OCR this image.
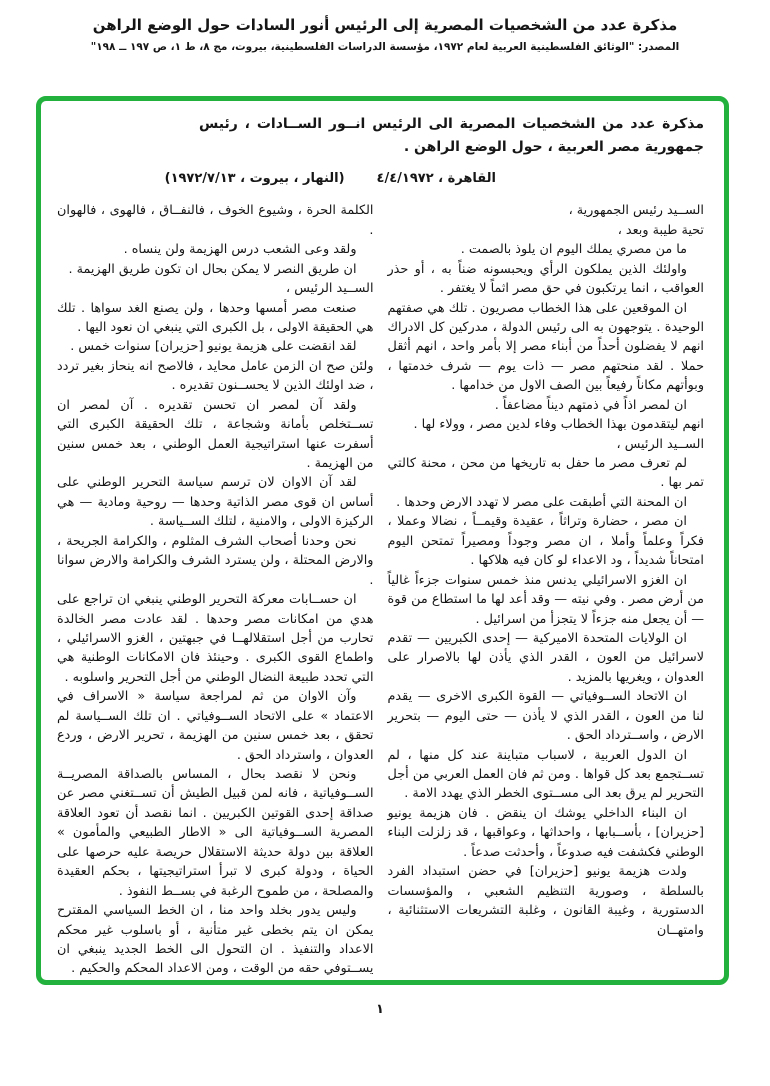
مذكرة عدد من الشخصيات المصرية إلى الرئيس أنور السادات حول الوضع الراهن
المصدر: "الوثائق الفلسطينية العربية لعام ١٩٧٢، مؤسسة الدراسات الفلسطينية، بيروت، مج ٨، ط ١، ص ١٩٧ ــ ١٩٨"
مذكرة عدد من الشخصيات المصرية الى الرئيس انــور الســادات ، رئيس جمهورية مصر العربية ، حول الوضع الراهن .
القاهرة ، ٤/٤/١٩٧٢
(النهار ، بيروت ، ١٩٧٢/٧/١٣)

الســيد رئيس الجمهورية ،

تحية طيبة وبعد ،

ما من مصري يملك اليوم ان يلوذ بالصمت .

واولئك الذين يملكون الرأي ويحبسونه ضناً به ، أو حذر العواقب ، انما يرتكبون في حق مصر اثماً لا يغتفر .

ان الموقعين على هذا الخطاب مصريون . تلك هي صفتهم الوحيدة . يتوجهون به الى رئيس الدولة ، مدركين كل الادراك انهم لا يفضلون أحداً من أبناء مصر إلا بأمر واحد ، انهم أثقل حملا . لقد منحتهم مصر — ذات يوم — شرف خدمتها ، وبوأتهم مكاناً رفيعاً بين الصف الاول من خدامها .

ان لمصر اذاً في ذمتهم ديناً مضاعفاً .

انهم ليتقدمون بهذا الخطاب وفاء لدين مصر ، وولاء لها .

الســيد الرئيس ،

لم تعرف مصر ما حفل به تاريخها من محن ، محنة كالتي تمر بها .

ان المحنة التي أطبقت على مصر لا تهدد الارض وحدها .

ان مصر ، حضارة وتراثاً ، عقيدة وقيمــاً ، نضالا وعملا ، فكراً وعلماً وأملا ، ان مصر وجوداً ومصيراً تمتحن اليوم امتحاناً شديداً ، ود الاعداء لو كان فيه هلاكها .

ان الغزو الاسرائيلي يدنس منذ خمس سنوات جزءاً غالياً من أرض مصر . وفي نيته — وقد أعد لها ما استطاع من قوة — أن يجعل منه جزءاً لا يتجزأ من اسرائيل .

ان الولايات المتحدة الاميركية — إحدى الكبريين — تقدم لاسرائيل من العون ، القدر الذي يأذن لها بالاصرار على العدوان ، ويغريها بالمزيد .

ان الاتحاد الســوفياتي — القوة الكبرى الاخرى — يقدم لنا من العون ، القدر الذي لا يأذن — حتى اليوم — بتحرير الارض ، واســترداد الحق .

ان الدول العربية ، لاسباب متباينة عند كل منها ، لم تســتجمع بعد كل قواها . ومن ثم فان العمل العربي من أجل التحرير لم يرق بعد الى مســتوى الخطر الذي يهدد الامة .

ان البناء الداخلي يوشك ان ينقض . فان هزيمة يونيو [حزيران] ، بأســبابها ، واحداثها ، وعواقبها ، قد زلزلت البناء الوطني فكشفت فيه صدوعاً ، وأحدثت صدعاً .

ولدت هزيمة يونيو [حزيران] في حضن استبداد الفرد بالسلطة ، وصورية التنظيم الشعبي ، والمؤسسات الدستورية ، وغيبة القانون ، وغلبة التشريعات الاستثنائية ، وامتهــان

الكلمة الحرة ، وشيوع الخوف ، فالنفــاق ، فالهوى ، فالهوان .

ولقد وعى الشعب درس الهزيمة ولن ينساه .

ان طريق النصر لا يمكن بحال ان تكون طريق الهزيمة .

الســيد الرئيس ،

صنعت مصر أمسها وحدها ، ولن يصنع الغد سواها . تلك هي الحقيقة الاولى ، بل الكبرى التي ينبغي ان نعود اليها .

لقد انقضت على هزيمة يونيو [حزيران] سنوات خمس .

ولئن صح ان الزمن عامل محايد ، فالاصح انه ينحاز بغير تردد ، ضد اولئك الذين لا يحســنون تقديره .

ولقد آن لمصر ان تحسن تقديره . آن لمصر ان تســتخلص بأمانة وشجاعة ، تلك الحقيقة الكبرى التي أسفرت عنها استراتيجية العمل الوطني ، بعد خمس سنين من الهزيمة .

لقد آن الاوان لان ترسم سياسة التحرير الوطني على أساس ان قوى مصر الذاتية وحدها — روحية ومادية — هي الركيزة الاولى ، والامنية ، لتلك الســياسة .

نحن وحدنا أصحاب الشرف المثلوم ، والكرامة الجريحة ، والارض المحتلة ، ولن يسترد الشرف والكرامة والارض سوانا .

ان حســابات معركة التحرير الوطني ينبغي ان تراجع على هدي من امكانات مصر وحدها . لقد عادت مصر الخالدة تحارب من أجل استقلالهــا في جبهتين ، الغزو الاسرائيلي ، واطماع القوى الكبرى . وحينئذ فان الامكانات الوطنية هي التي تحدد طبيعة النضال الوطني من أجل التحرير واسلوبه .

وآن الاوان من ثم لمراجعة سياسة « الاسراف في الاعتماد » على الاتحاد الســوفياتي . ان تلك الســياسة لم تحقق ، بعد خمس سنين من الهزيمة ، تحرير الارض ، وردع العدوان ، واسترداد الحق .

ونحن لا نقصد بحال ، المساس بالصداقة المصريــة الســوفياتية ، فانه لمن قبيل الطيش أن تســتغني مصر عن صداقة إحدى القوتين الكبريين . انما نقصد أن تعود العلاقة المصرية الســوفياتية الى « الاطار الطبيعي والمأمون » العلاقة بين دولة حديثة الاستقلال حريصة عليه حرصها على الحياة ، ودولة كبرى لا تبرأ استراتيجيتها ، بحكم العقيدة والمصلحة ، من طموح الرغبة في بســط النفوذ .

وليس يدور بخلد واحد منا ، ان الخط السياسي المقترح يمكن ان يتم بخطى غير متأنية ، أو باسلوب غير محكم الاعداد والتنفيذ . ان التحول الى الخط الجديد ينبغي ان يســتوفي حقه من الوقت ، ومن الاعداد المحكم والحكيم .

١
